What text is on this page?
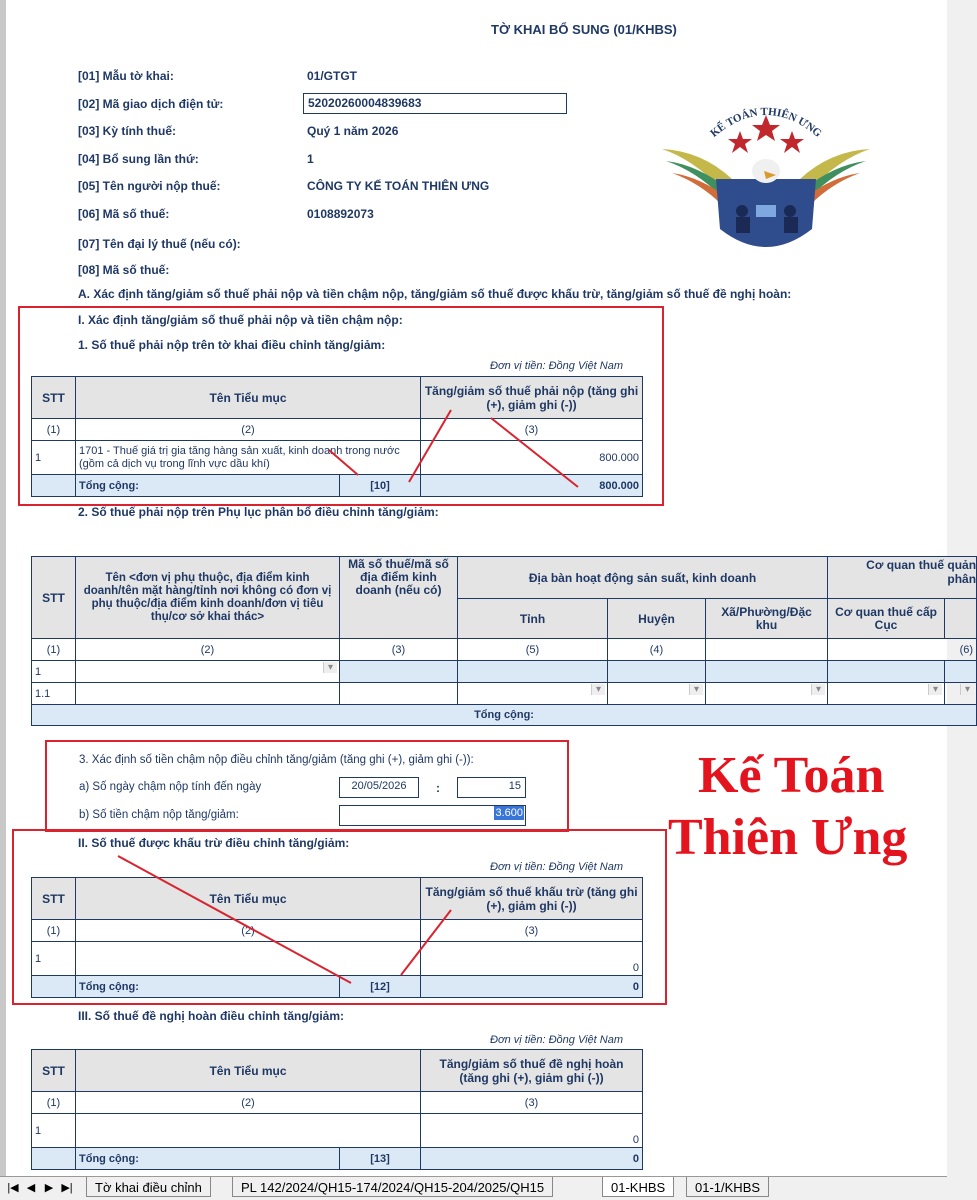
TỜ KHAI BỔ SUNG (01/KHBS)
[01] Mẫu tờ khai:	01/GTGT
[02] Mã giao dịch điện tử:	52020260004839683
[03] Kỳ tính thuế:	Quý 1 năm 2026
[04] Bổ sung lần thứ:	1
[05] Tên người nộp thuế:	CÔNG TY KẾ TOÁN THIÊN ƯNG
[06] Mã số thuế:	0108892073
[07] Tên đại lý thuế (nếu có):
[08] Mã số thuế:
KẾ TOÁN THIÊN ƯNG
A. Xác định tăng/giảm số thuế phải nộp và tiền chậm nộp, tăng/giảm số thuế được khấu trừ, tăng/giảm số thuế đề nghị hoàn:
I. Xác định tăng/giảm số thuế phải nộp và tiền chậm nộp:
1. Số thuế phải nộp trên tờ khai điều chỉnh tăng/giảm:
Đơn vị tiền: Đồng Việt Nam
STT	Tên Tiểu mục		Tăng/giảm số thuế phải nộp (tăng ghi (+), giảm ghi (-))
(1)	(2)		(3)
1	1701 - Thuế giá trị gia tăng hàng sản xuất, kinh doanh trong nước (gồm cả dịch vụ trong lĩnh vực dầu khí)		800.000
	Tổng cộng:	[10]	800.000
2. Số thuế phải nộp trên Phụ lục phân bổ điều chỉnh tăng/giảm:
STT	Tên <đơn vị phụ thuộc, địa điểm kinh doanh/tên mặt hàng/tỉnh nơi không có đơn vị phụ thuộc/địa điểm kinh doanh/đơn vị tiêu thụ/cơ sở khai thác>	Mã số thuế/mã số địa điểm kinh doanh (nếu có)	Địa bàn hoạt động sản suất, kinh doanh			Cơ quan thuế quản
phân	
			Tỉnh	Huyện	Xã/Phường/Đặc khu	Cơ quan thuế cấp Cục	
(1)	(2)	(3)	(5)	(4)		(6)	
1	▾						
1.1			▾	▾	▾	▾	▾
Tổng cộng:							
3. Xác định số tiền chậm nộp điều chỉnh tăng/giảm (tăng ghi (+), giảm ghi (-)):
a) Số ngày chậm nộp tính đến ngày	20/05/2026	:	15
b) Số tiền chậm nộp tăng/giảm:	3.600
II. Số thuế được khấu trừ điều chỉnh tăng/giảm:
Đơn vị tiền: Đồng Việt Nam
STT	Tên Tiểu mục		Tăng/giảm số thuế khấu trừ (tăng ghi (+), giảm ghi (-))
(1)	(2)		(3)
1			0
	Tổng cộng:	[12]	0
III. Số thuế đề nghị hoàn điều chỉnh tăng/giảm:
Đơn vị tiền: Đồng Việt Nam
STT	Tên Tiểu mục		Tăng/giảm số thuế đề nghị hoàn (tăng ghi (+), giảm ghi (-))
(1)	(2)		(3)
1			0
	Tổng cộng:	[13]	0
Kế Toán
Thiên Ưng
|◀ ◀ ▶ ▶|	Tờ khai điều chỉnh	PL 142/2024/QH15-174/2024/QH15-204/2025/QH15	01-KHBS	01-1/KHBS
